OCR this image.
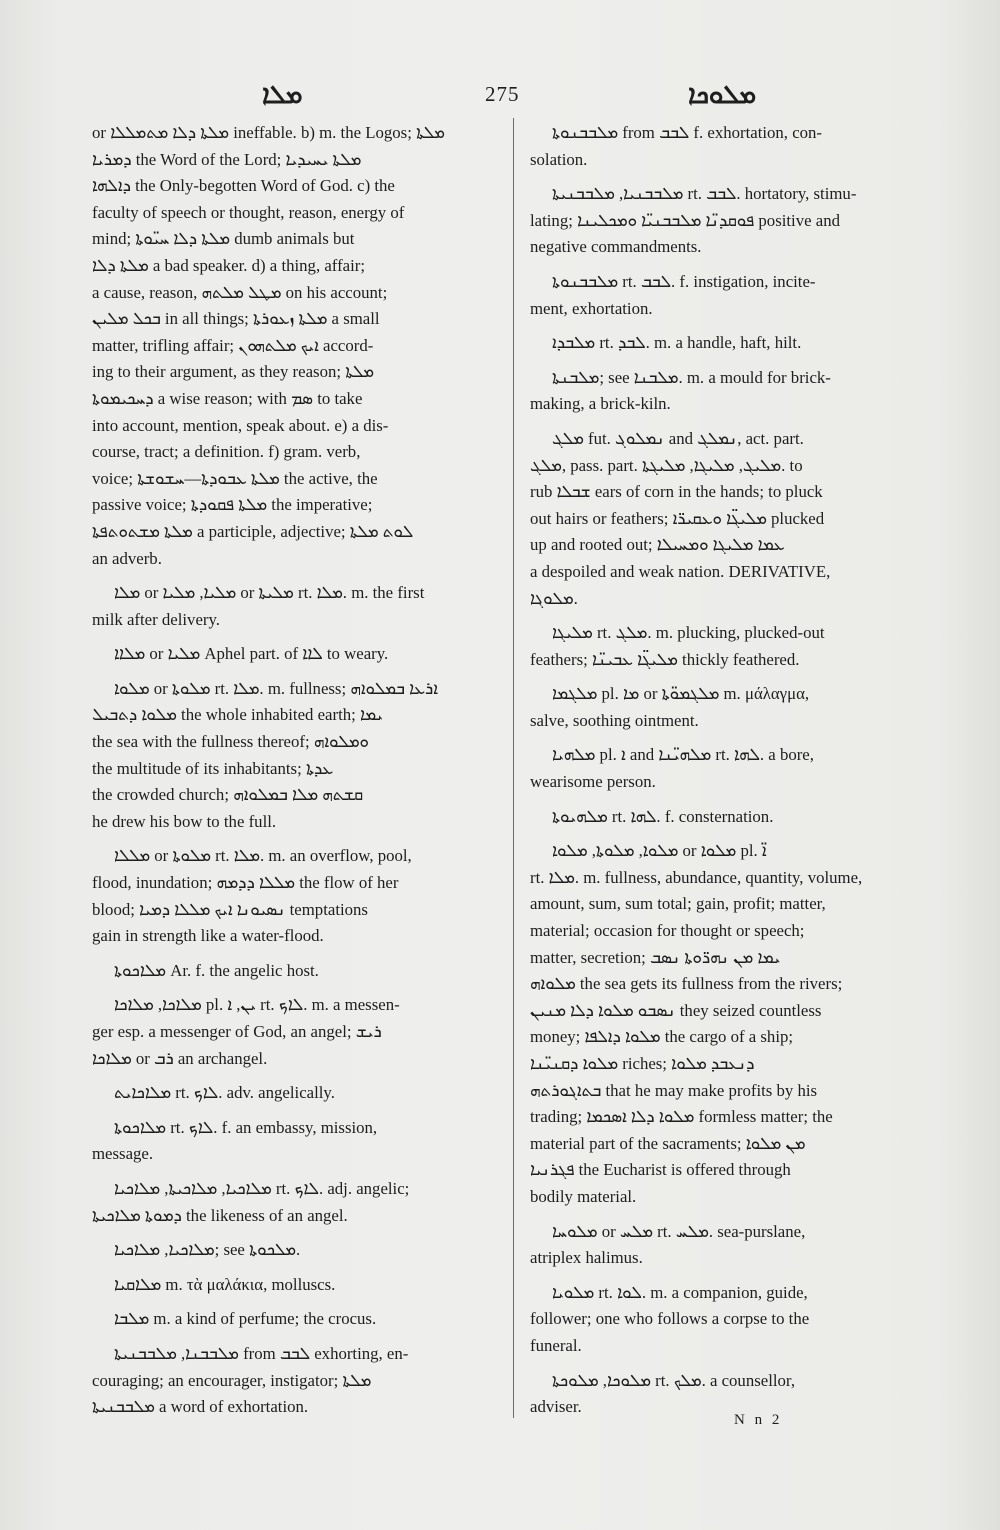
ܡܠܐ	275	ܡܠܘܟܐ
or ܡܠܬܐ ܕܠܐ ܡܬܡܠܠܐ ineffable. b) m. the Logos; ܡܠܬܐ
ܕܡܪܝܐ the Word of the Lord; ܡܠܬܐ ܝܚܝܕܝܐ
ܕܐܠܗܐ the Only-begotten Word of God. c) the
faculty of speech or thought, reason, energy of
mind; ܡܠܬܐ ܕܠܐ ܚܝ̈ܘܬܐ dumb animals but
ܡܠܬܐ ܕܠܐ a bad speaker. d) a thing, affair;
a cause, reason, ܡܛܠ ܡܠܬܗ on his account;
ܒܟܠ ܡܠܝܢ in all things; ܡܠܬܐ ܙܥܘܪܬܐ a small
matter, trifling affair; ܐܝܟ ܡܠܬܗܘܢ accord-
ing to their argument, as they reason; ܡܠܬܐ
ܕܚܟܝܡܘܬܐ a wise reason; with ܣܡ to take
into account, mention, speak about. e) a dis-
course, tract; a definition. f) gram. verb,
voice; ܡܠܬܐ ܥܒܘܕܬܐ—ܚܫܘܫܬܐ the active, the
passive voice; ܡܠܬܐ ܦܩܘܕܬܐ the imperative;
ܡܠܬܐ ܡܫܬܘܬܦܬܐ a participle, adjective; ܠܘܬ ܡܠܬܐ
an adverb.
ܡܠܐ or ܡܠܝܐ, ܡܠܝܐ or ܡܠܝܬܐ rt. ܡܠܐ. m. the first
milk after delivery.
ܡܠܐܐ or ܡܠܝܐ Aphel part. of ܠܐܐ to weary.
ܡܠܘܐ or ܡܠܘܬܐ rt. ܡܠܐ. m. fullness; ܐܪܥܐ ܒܡܠܘܐܗ
ܡܠܘܐ ܕܬܒܝܠ the whole inhabited earth; ܝܡܐ
the sea with the fullness thereof; ܘܡܠܘܐܗ
the multitude of its inhabitants; ܥܕܬܐ
the crowded church; ܩܫܬܗ ܡܠܐ ܒܡܠܘܐܗ
he drew his bow to the full.
ܡܠܠܐ or ܡܠܘܬܐ rt. ܡܠܐ. m. an overflow, pool,
flood, inundation; ܡܠܠܐ ܕܕܡܗ the flow of her
blood; ܢܣܝܘܢܐ ܐܝܟ ܡܠܠܐ ܕܡܝܐ temptations
gain in strength like a water-flood.
ܡܠܐܟܘܬܐ Ar. f. the angelic host.
ܡܠܐܟܐ, ܡܠܐܟܐ pl. ܝܢ, ܐ rt. ܠܐܟ. m. a messen-
ger esp. a messenger of God, an angel; ܪܝܫ
ܡܠܐܟܐ or ܪܒ an archangel.
ܡܠܐܟܐܝܬ rt. ܠܐܟ. adv. angelically.
ܡܠܐܟܘܬܐ rt. ܠܐܟ. f. an embassy, mission,
message.
ܡܠܐܟܝܐ, ܡܠܐܟܝܬܐ, ܡܠܐܟܝܐ rt. ܠܐܟ. adj. angelic;
ܕܡܘܬܐ ܡܠܐܟܝܬܐ the likeness of an angel.
ܡܠܐܟܝܐ, ܡܠܐܟܝܐ; see ܡܠܟܘܬܐ.
ܡܠܐܩܝܐ m. τὰ μαλάκια, molluscs.
ܡܠܒܐ m. a kind of perfume; the crocus.
ܡܠܒܒܢܐ, ܡܠܒܒܢܝܬܐ from ܠܒܒ exhorting, en-
couraging; an encourager, instigator; ܡܠܬܐ
ܡܠܒܒܢܝܬܐ a word of exhortation.
ܡܠܒܒܢܘܬܐ from ܠܒܒ f. exhortation, con-
solation.
ܡܠܒܒܢܝܐ, ܡܠܒܒܢܝܬܐ rt. ܠܒܒ. hortatory, stimu-
lating; ܦܘܩܕܢ̈ܐ ܡܠܒܒܢܝ̈ܐ ܘܡܟܠܝܢܐ positive and
negative commandments.
ܡܠܒܒܢܘܬܐ rt. ܠܒܒ. f. instigation, incite-
ment, exhortation.
ܡܠܒܕܐ rt. ܠܒܕ. m. a handle, haft, hilt.
ܡܠܒܢܬܐ; see ܡܠܒܢܐ. m. a mould for brick-
making, a brick-kiln.
ܡܠܓ fut. ܢܡܠܘܓ and ܢܡܠܓ, act. part.
ܡܠܓ, pass. part. ܡܠܝܓ, ܡܠܝܓܐ, ܡܠܝܓܬܐ. to
rub ܫܒܠܐ ears of corn in the hands; to pluck
out hairs or feathers; ܡܠܝܓ̈ܐ ܘܥܩܝܪ̈ܐ plucked
up and rooted out; ܥܡܐ ܡܠܝܓܐ ܘܡܚܝܠܐ
a despoiled and weak nation. DERIVATIVE,
ܡܠܘܓܐ.
ܡܠܝܓܐ rt. ܡܠܓ. m. plucking, plucked-out
feathers; ܡܠܝܓ̈ܐ ܥܒܝܢ̈ܐ thickly feathered.
ܡܠܓܡܐ pl. ܡܐ or ܡܠܓܡܘ̈ܬܐ m. μάλαγμα,
salve, soothing ointment.
ܡܠܗܝܐ pl. ܐ and ܡܠܗܝ̈ܢܐ rt. ܠܗܐ. a bore,
wearisome person.
ܡܠܗܝܘܬܐ rt. ܠܗܐ. f. consternation.
ܡܠܘܐ, ܡܠܘܬܐ, ܡܠܘܐ or ܡܠܘܐ pl. ܐ̈
rt. ܡܠܐ. m. fullness, abundance, quantity, volume,
amount, sum, sum total; gain, profit; matter,
material; occasion for thought or speech;
matter, secretion; ܝܡܐ ܡܢ ܢܗܪ̈ܘܬܐ ܢܣܒ
ܡܠܘܐܗ the sea gets its fullness from the rivers;
ܢܣܒܘ ܡܠܘܐ ܕܠܐ ܡܢܝܢ they seized countless
money; ܡܠܘܐ ܕܐܠܦܐ the cargo of a ship;
ܡܠܘܐ ܕܩܢܝ̈ܢܐ riches; ܕܢܥܒܕ ܡܠܘܐ
ܒܬܐܓܘܪܬܗ that he may make profits by his
trading; ܡܠܘܐ ܕܠܐ ܐܣܟܡܐ formless matter; the
material part of the sacraments; ܡܢ ܡܠܘܐ
ܦܓܪܢܝܐ the Eucharist is offered through
bodily material.
ܡܠܘܚܐ or ܡܠܚ rt. ܡܠܚ. sea-purslane,
atriplex halimus.
ܡܠܘܝܐ rt. ܠܘܐ. m. a companion, guide,
follower; one who follows a corpse to the
funeral.
ܡܠܘܟܐ, ܡܠܘܟܬܐ rt. ܡܠܟ. a counsellor,
adviser.
N n 2
